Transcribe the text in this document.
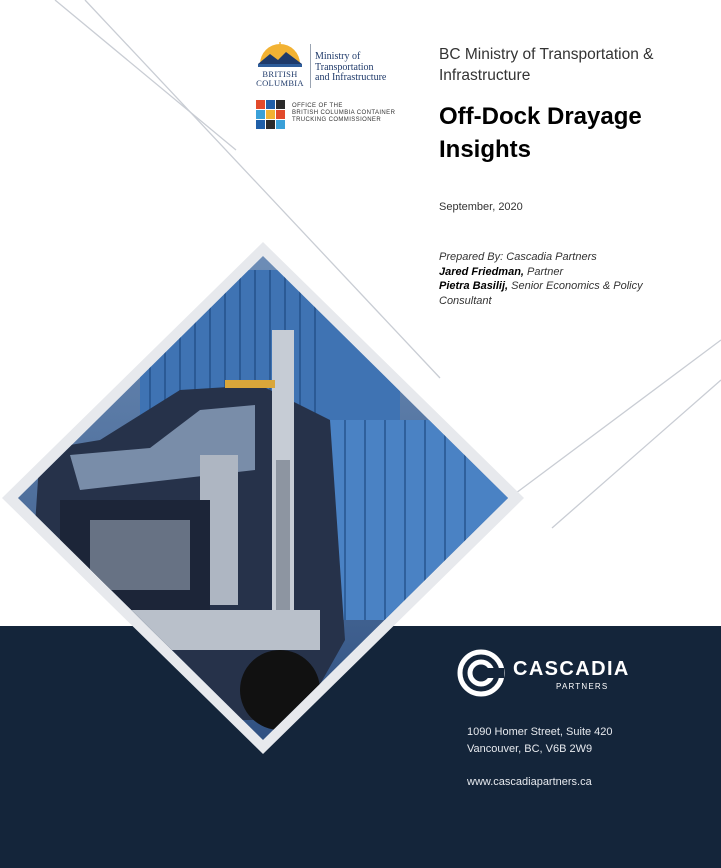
BRITISH
COLUMBIA
Ministry of
Transportation
and Infrastructure
OFFICE OF THE
BRITISH COLUMBIA CONTAINER
TRUCKING COMMISSIONER
BC Ministry of Transportation & Infrastructure
Off-Dock Drayage
Insights
September, 2020
Prepared By: Cascadia Partners
Jared Friedman, Partner
Pietra Basilij, Senior Economics & Policy
Consultant
CASCADIA
PARTNERS
1090 Homer Street, Suite 420
Vancouver, BC, V6B 2W9
www.cascadiapartners.ca
